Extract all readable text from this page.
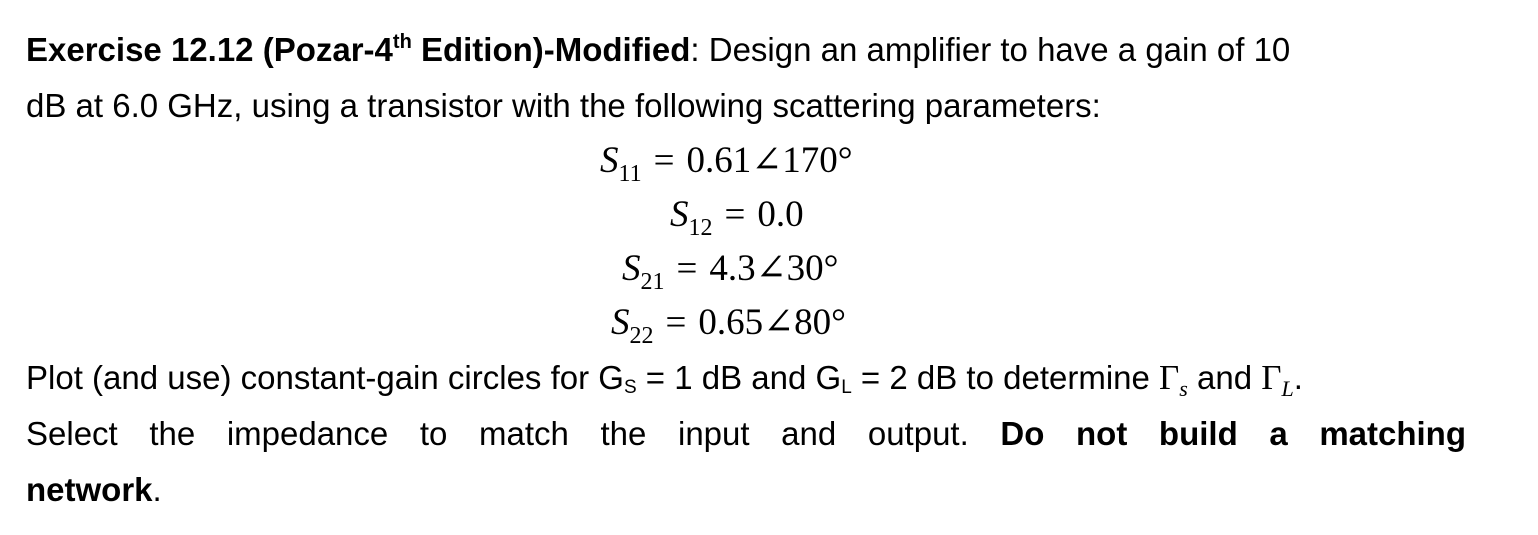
Exercise 12.12 (Pozar-4th Edition)-Modified: Design an amplifier to have a gain of 10
dB at 6.0 GHz, using a transistor with the following scattering parameters:

$S_{11}$ = 0.61∠170°
$S_{12} = 0.0$
$S_{21}$ = 4.3∠30°
$S_{22}$ = 0.65∠80°

Plot (and use) constant-gain circles for GS = 1 dB and GL = 2 dB to determine $\Gamma_s$ and $\Gamma_L$.

Select the impedance to match the input and output. Do not build a matching

network.
